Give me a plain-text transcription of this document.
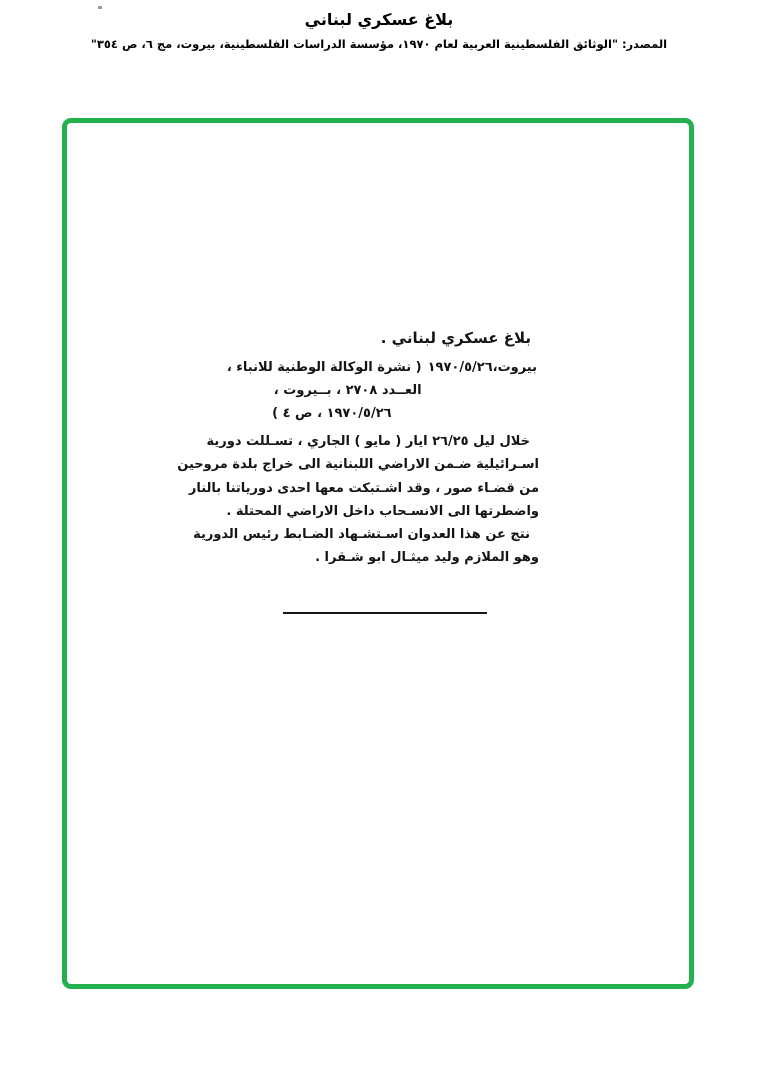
بلاغ عسكري لبناني
المصدر: "الوثائق الفلسطينية العربية لعام ١٩٧٠، مؤسسة الدراسات الفلسطينية، بيروت، مج ٦، ص ٣٥٤"
بلاغ عسكري لبناني .
بيروت،١٩٧٠/٥/٢٦
( نشرة الوكالة الوطنية للانباء ،
العــدد ٢٧٠٨ ، بــيروت ،
١٩٧٠/٥/٢٦ ، ص ٤ )
خلال ليل ٢٦/٢٥ ايار ( مايو ) الجاري ، تسـللت دورية
اسـرائيلية ضـمن الاراضي اللبنانية الى خراج بلدة مروحين
من قضـاء صور ، وقد اشـتبكت معها احدى دورياتنا بالنار
واضطرتها الى الانسـحاب داخل الاراضي المحتلة .
نتج عن هذا العدوان اسـتشـهاد الضـابط رئيس الدورية
وهو الملازم وليد ميثـال ابو شـقرا .
